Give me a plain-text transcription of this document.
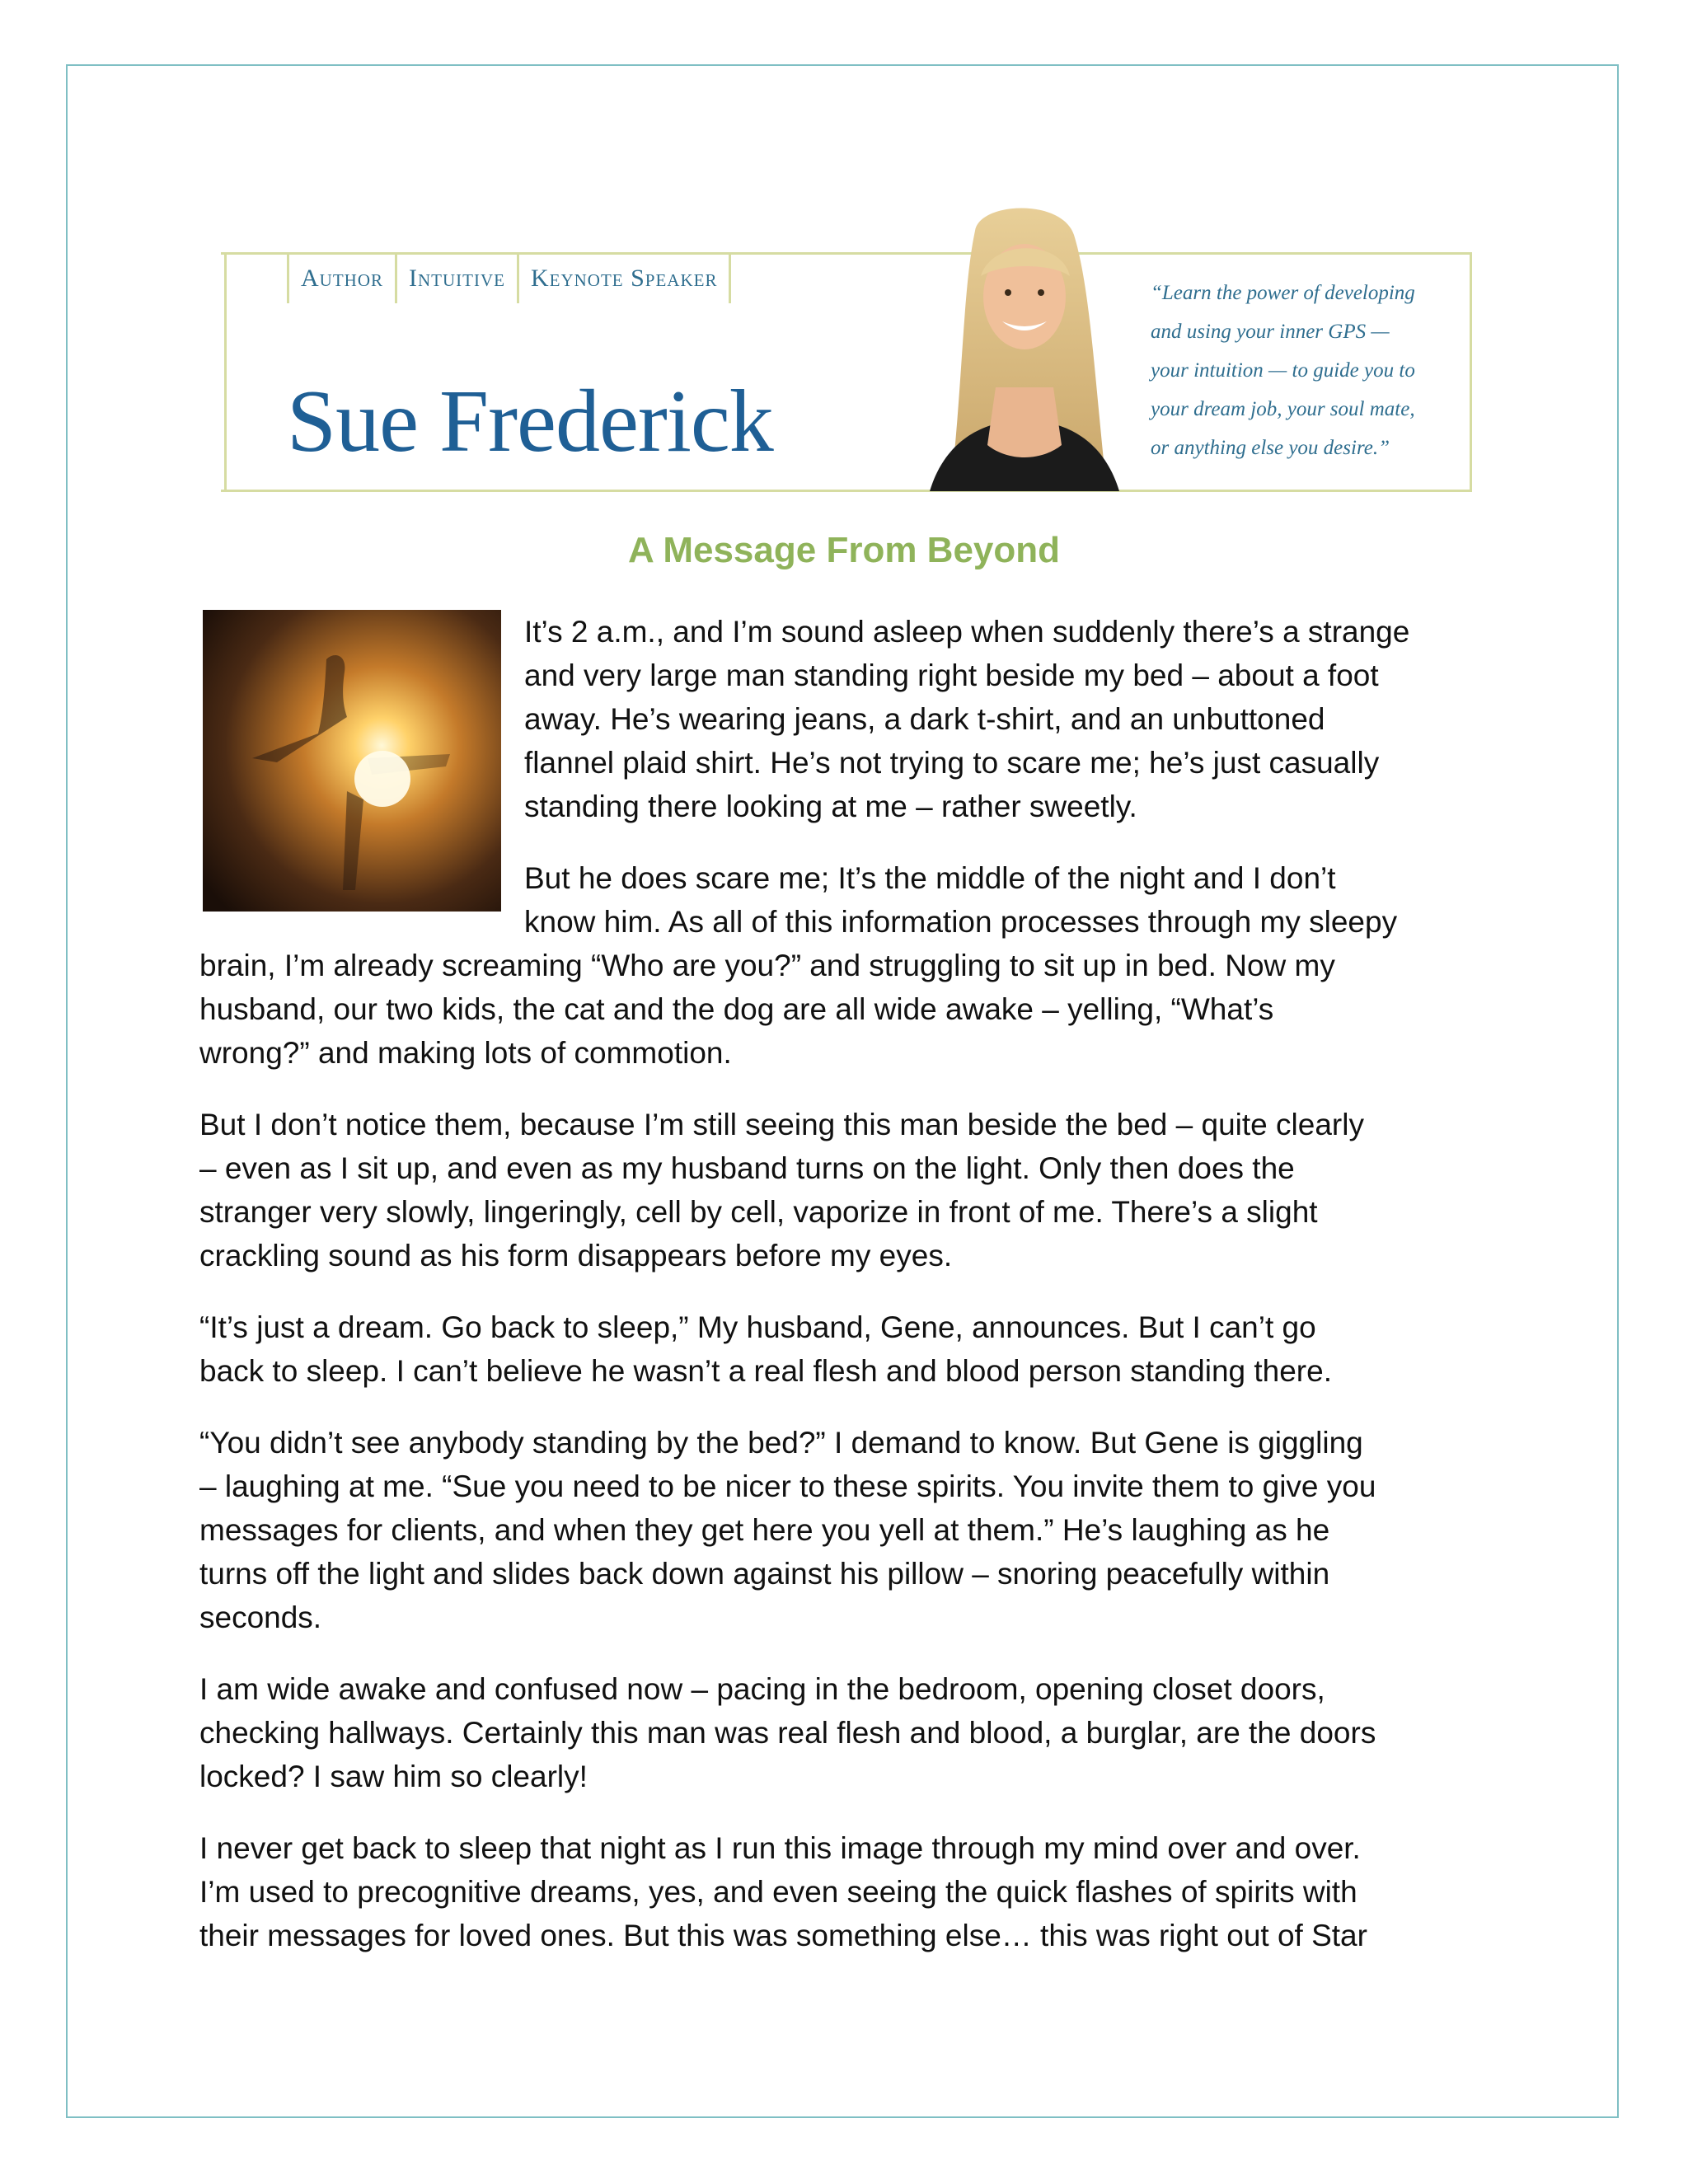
Author	Intuitive	Keynote Speaker
Sue Frederick
“Learn the power of developing
and using your inner GPS —
your intuition — to guide you to
your dream job, your soul mate,
or anything else you desire.”
A Message From Beyond
It’s 2 a.m., and I’m sound asleep when suddenly there’s a strange
and very large man standing right beside my bed – about a foot
away. He’s wearing jeans, a dark t-shirt, and an unbuttoned
flannel plaid shirt. He’s not trying to scare me; he’s just casually
standing there looking at me – rather sweetly.
But he does scare me; It’s the middle of the night and I don’t
know him. As all of this information processes through my sleepy
brain, I’m already screaming “Who are you?” and struggling to sit up in bed. Now my
husband, our two kids, the cat and the dog are all wide awake – yelling, “What’s
wrong?” and making lots of commotion.
But I don’t notice them, because I’m still seeing this man beside the bed – quite clearly
– even as I sit up, and even as my husband turns on the light. Only then does the
stranger very slowly, lingeringly, cell by cell, vaporize in front of me. There’s a slight
crackling sound as his form disappears before my eyes.
“It’s just a dream. Go back to sleep,” My husband, Gene, announces. But I can’t go
back to sleep. I can’t believe he wasn’t a real flesh and blood person standing there.
“You didn’t see anybody standing by the bed?” I demand to know. But Gene is giggling
– laughing at me. “Sue you need to be nicer to these spirits. You invite them to give you
messages for clients, and when they get here you yell at them.” He’s laughing as he
turns off the light and slides back down against his pillow – snoring peacefully within
seconds.
I am wide awake and confused now – pacing in the bedroom, opening closet doors,
checking hallways. Certainly this man was real flesh and blood, a burglar, are the doors
locked? I saw him so clearly!
I never get back to sleep that night as I run this image through my mind over and over.
I’m used to precognitive dreams, yes, and even seeing the quick flashes of spirits with
their messages for loved ones. But this was something else… this was right out of Star
